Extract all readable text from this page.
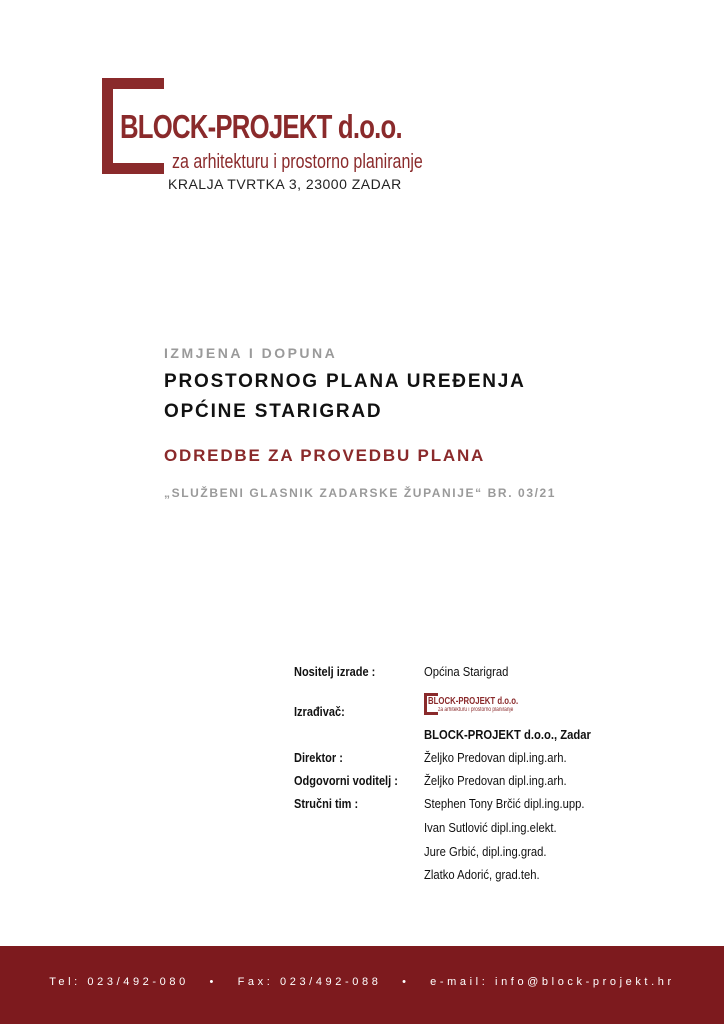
BLOCK-PROJEKT d.o.o.
za arhitekturu i prostorno planiranje
KRALJA TVRTKA 3, 23000 ZADAR

IZMJENA I DOPUNA

PROSTORNOG PLANA UREĐENJA
OPĆINE STARIGRAD

ODREDBE ZA PROVEDBU PLANA

„SLUŽBENI GLASNIK ZADARSKE ŽUPANIJE“ BR. 03/21

Nositelj izrade :	Općina Starigrad
Izrađivač:
BLOCK-PROJEKT d.o.o.
za arhitekturu i prostorno planiranje
BLOCK-PROJEKT d.o.o., Zadar
Direktor :	Željko Predovan dipl.ing.arh.
Odgovorni voditelj : Željko Predovan dipl.ing.arh.
Stručni tim :	Stephen Tony Brčić dipl.ing.upp.
Ivan Sutlović dipl.ing.elekt.
Jure Grbić, dipl.ing.grad.
Zlatko Adorić, grad.teh.
Tel: 023/492-080 • Fax: 023/492-088 • e-mail: info@block-projekt.hr
